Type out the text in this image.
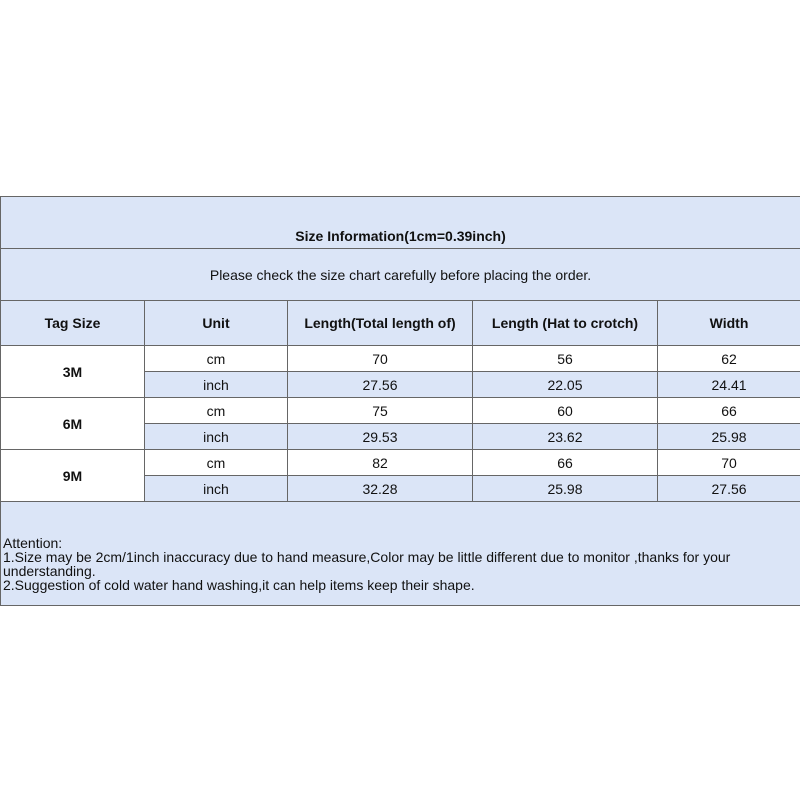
Size Information(1cm=0.39inch)				
Please check the size chart carefully before placing the order.				
Tag Size	Unit	Length(Total length of)	Length (Hat to crotch)	Width
3M	cm	70	56	62
	inch	27.56	22.05	24.41
6M	cm	75	60	66
	inch	29.53	23.62	25.98
9M	cm	82	66	70
	inch	32.28	25.98	27.56

Attention:
1.Size may be 2cm/1inch inaccuracy due to hand measure,Color may be little different due to monitor ,thanks for your understanding.
2.Suggestion of cold water hand washing,it can help items keep their shape.				
